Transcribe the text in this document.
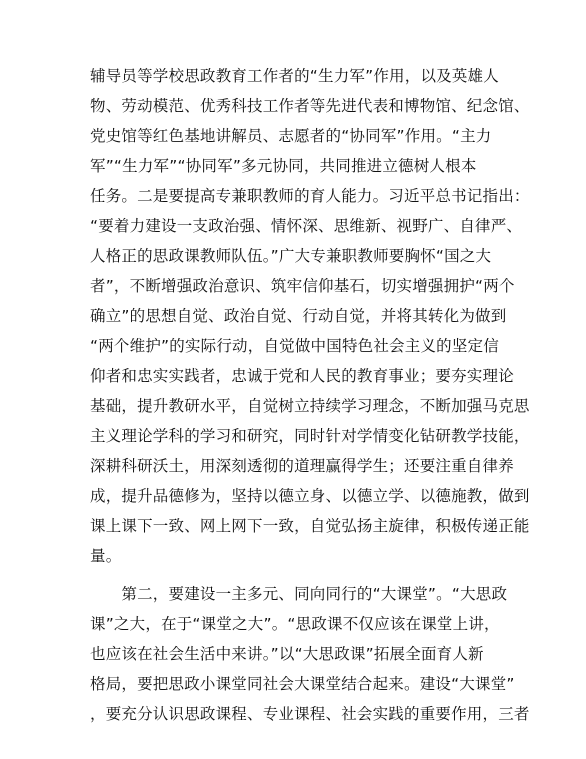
辅导员等学校思政教育工作者的“生力军”作用，以及英雄人
物、劳动模范、优秀科技工作者等先进代表和博物馆、纪念馆、
党史馆等红色基地讲解员、志愿者的“协同军”作用。“主力
军”“生力军”“协同军”多元协同，共同推进立德树人根本
任务。二是要提高专兼职教师的育人能力。习近平总书记指出：
“要着力建设一支政治强、情怀深、思维新、视野广、自律严、
人格正的思政课教师队伍。”广大专兼职教师要胸怀“国之大
者”，不断增强政治意识、筑牢信仰基石，切实增强拥护“两个
确立”的思想自觉、政治自觉、行动自觉，并将其转化为做到
“两个维护”的实际行动，自觉做中国特色社会主义的坚定信
仰者和忠实实践者，忠诚于党和人民的教育事业；要夯实理论
基础，提升教研水平，自觉树立持续学习理念，不断加强马克思
主义理论学科的学习和研究，同时针对学情变化钻研教学技能，
深耕科研沃土，用深刻透彻的道理赢得学生；还要注重自律养
成，提升品德修为，坚持以德立身、以德立学、以德施教，做到
课上课下一致、网上网下一致，自觉弘扬主旋律，积极传递正能
量。
　　第二，要建设一主多元、同向同行的“大课堂”。“大思政
课”之大，在于“课堂之大”。“思政课不仅应该在课堂上讲，
也应该在社会生活中来讲。”以“大思政课”拓展全面育人新
格局，要把思政小课堂同社会大课堂结合起来。建设“大课堂”
，要充分认识思政课程、专业课程、社会实践的重要作用，三者
